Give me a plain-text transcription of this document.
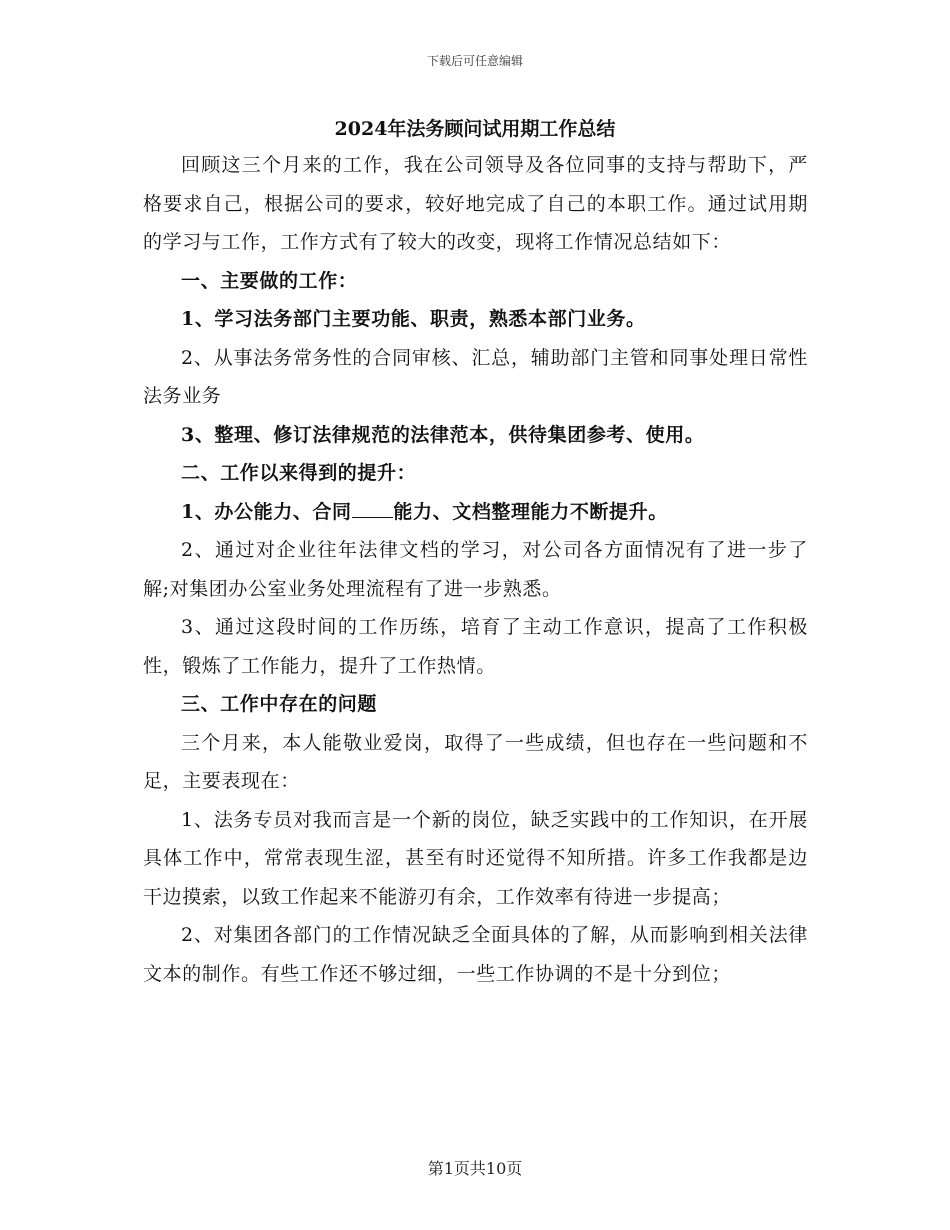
下载后可任意编辑
2024年法务顾问试用期工作总结

回顾这三个月来的工作，我在公司领导及各位同事的支持与帮助下，严格要求自己，根据公司的要求，较好地完成了自己的本职工作。通过试用期的学习与工作，工作方式有了较大的改变，现将工作情况总结如下：

一、主要做的工作：

1、学习法务部门主要功能、职责，熟悉本部门业务。

2、从事法务常务性的合同审核、汇总，辅助部门主管和同事处理日常性法务业务

3、整理、修订法律规范的法律范本，供待集团参考、使用。

二、工作以来得到的提升：

1、办公能力、合同 能力、文档整理能力不断提升。

2、通过对企业往年法律文档的学习，对公司各方面情况有了进一步了解;对集团办公室业务处理流程有了进一步熟悉。

3、通过这段时间的工作历练，培育了主动工作意识，提高了工作积极性，锻炼了工作能力，提升了工作热情。

三、工作中存在的问题

三个月来，本人能敬业爱岗，取得了一些成绩，但也存在一些问题和不足，主要表现在：

1、法务专员对我而言是一个新的岗位，缺乏实践中的工作知识，在开展具体工作中，常常表现生涩，甚至有时还觉得不知所措。许多工作我都是边干边摸索，以致工作起来不能游刃有余，工作效率有待进一步提高；

2、对集团各部门的工作情况缺乏全面具体的了解，从而影响到相关法律文本的制作。有些工作还不够过细，一些工作协调的不是十分到位；

第1页共10页
